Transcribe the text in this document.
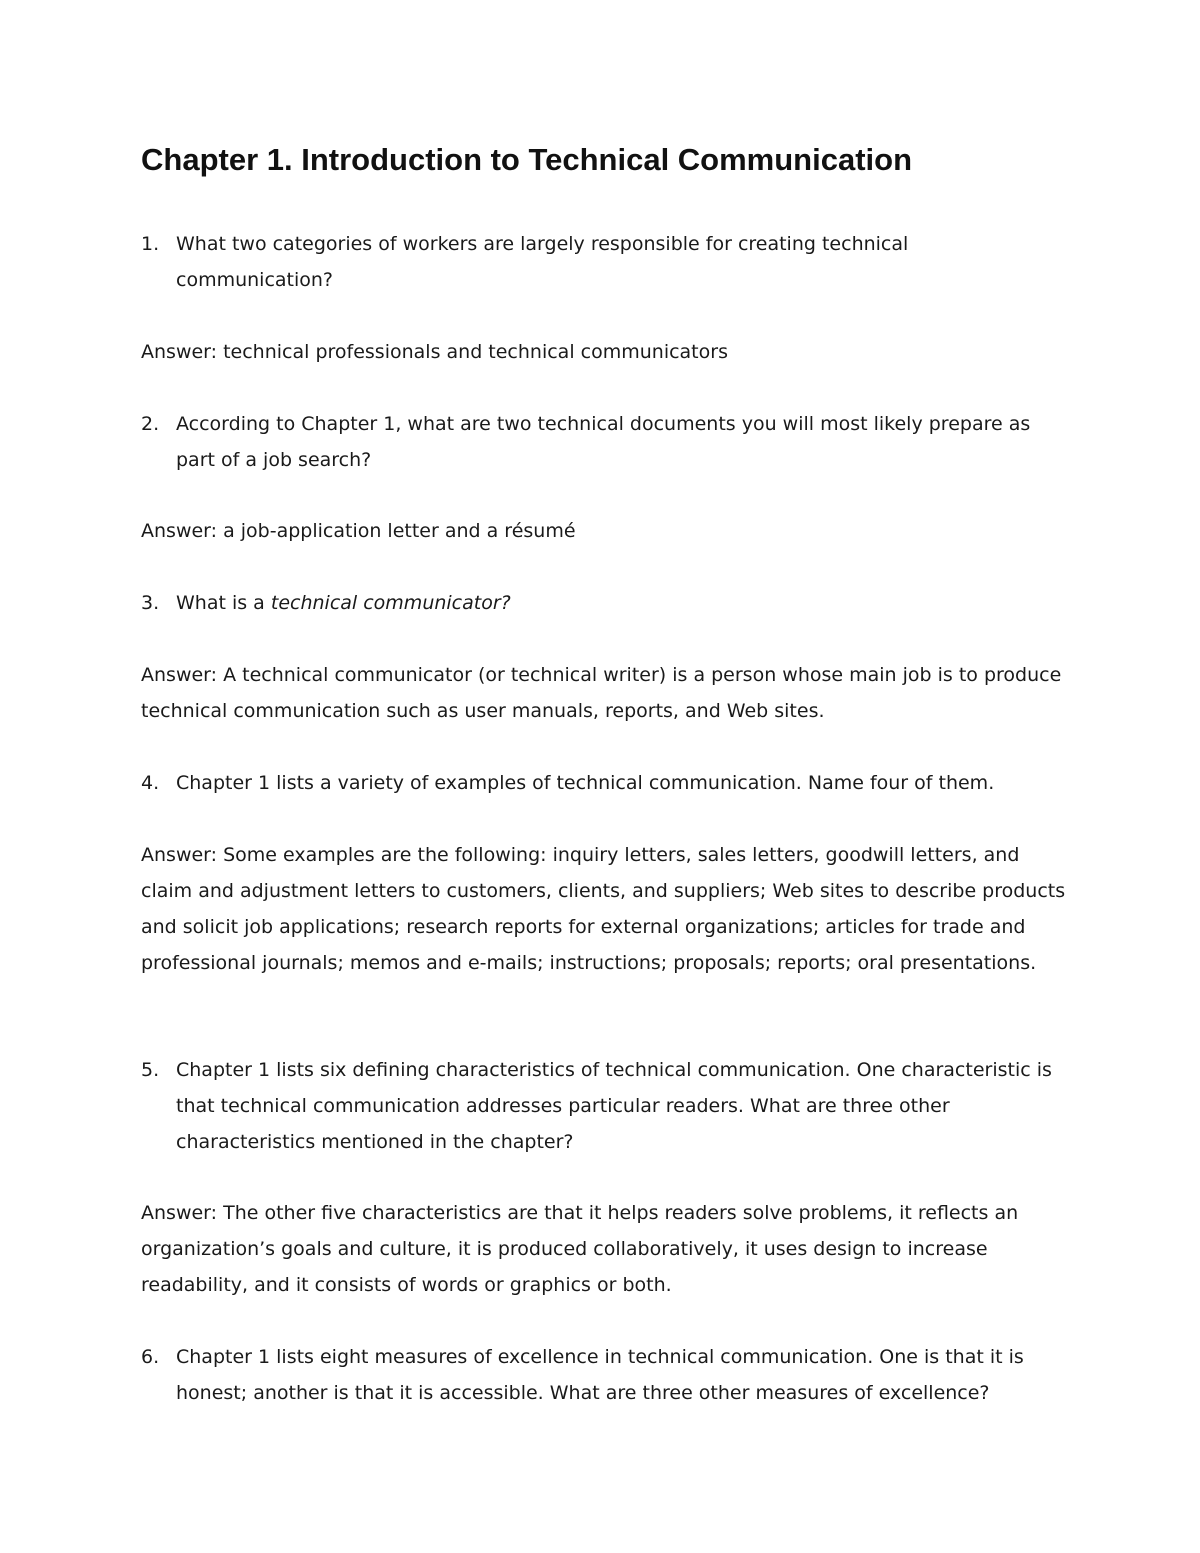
Chapter 1. Introduction to Technical Communication
1. What two categories of workers are largely responsible for creating technical communication?
Answer: technical professionals and technical communicators
2. According to Chapter 1, what are two technical documents you will most likely prepare as part of a job search?
Answer: a job-application letter and a résumé
3. What is a technical communicator?
Answer: A technical communicator (or technical writer) is a person whose main job is to produce technical communication such as user manuals, reports, and Web sites.
4. Chapter 1 lists a variety of examples of technical communication. Name four of them.
Answer: Some examples are the following: inquiry letters, sales letters, goodwill letters, and claim and adjustment letters to customers, clients, and suppliers; Web sites to describe products and solicit job applications; research reports for external organizations; articles for trade and professional journals; memos and e-mails; instructions; proposals; reports; oral presentations.
5. Chapter 1 lists six defining characteristics of technical communication. One characteristic is that technical communication addresses particular readers. What are three other characteristics mentioned in the chapter?
Answer: The other five characteristics are that it helps readers solve problems, it reflects an organization’s goals and culture, it is produced collaboratively, it uses design to increase readability, and it consists of words or graphics or both.
6. Chapter 1 lists eight measures of excellence in technical communication. One is that it is honest; another is that it is accessible. What are three other measures of excellence?
